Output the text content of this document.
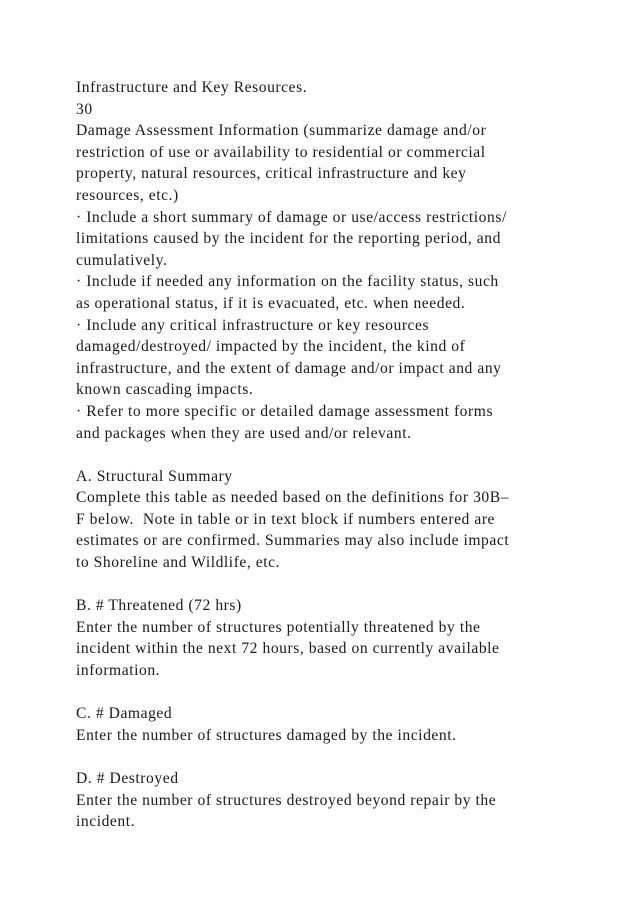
Infrastructure and Key Resources.
30
Damage Assessment Information (summarize damage and/or
restriction of use or availability to residential or commercial
property, natural resources, critical infrastructure and key
resources, etc.)
· Include a short summary of damage or use/access restrictions/
limitations caused by the incident for the reporting period, and
cumulatively.
· Include if needed any information on the facility status, such
as operational status, if it is evacuated, etc. when needed.
· Include any critical infrastructure or key resources
damaged/destroyed/ impacted by the incident, the kind of
infrastructure, and the extent of damage and/or impact and any
known cascading impacts.
· Refer to more specific or detailed damage assessment forms
and packages when they are used and/or relevant.
A. Structural Summary
Complete this table as needed based on the definitions for 30B–
F below.  Note in table or in text block if numbers entered are
estimates or are confirmed. Summaries may also include impact
to Shoreline and Wildlife, etc.
B. # Threatened (72 hrs)
Enter the number of structures potentially threatened by the
incident within the next 72 hours, based on currently available
information.
C. # Damaged
Enter the number of structures damaged by the incident.
D. # Destroyed
Enter the number of structures destroyed beyond repair by the
incident.
